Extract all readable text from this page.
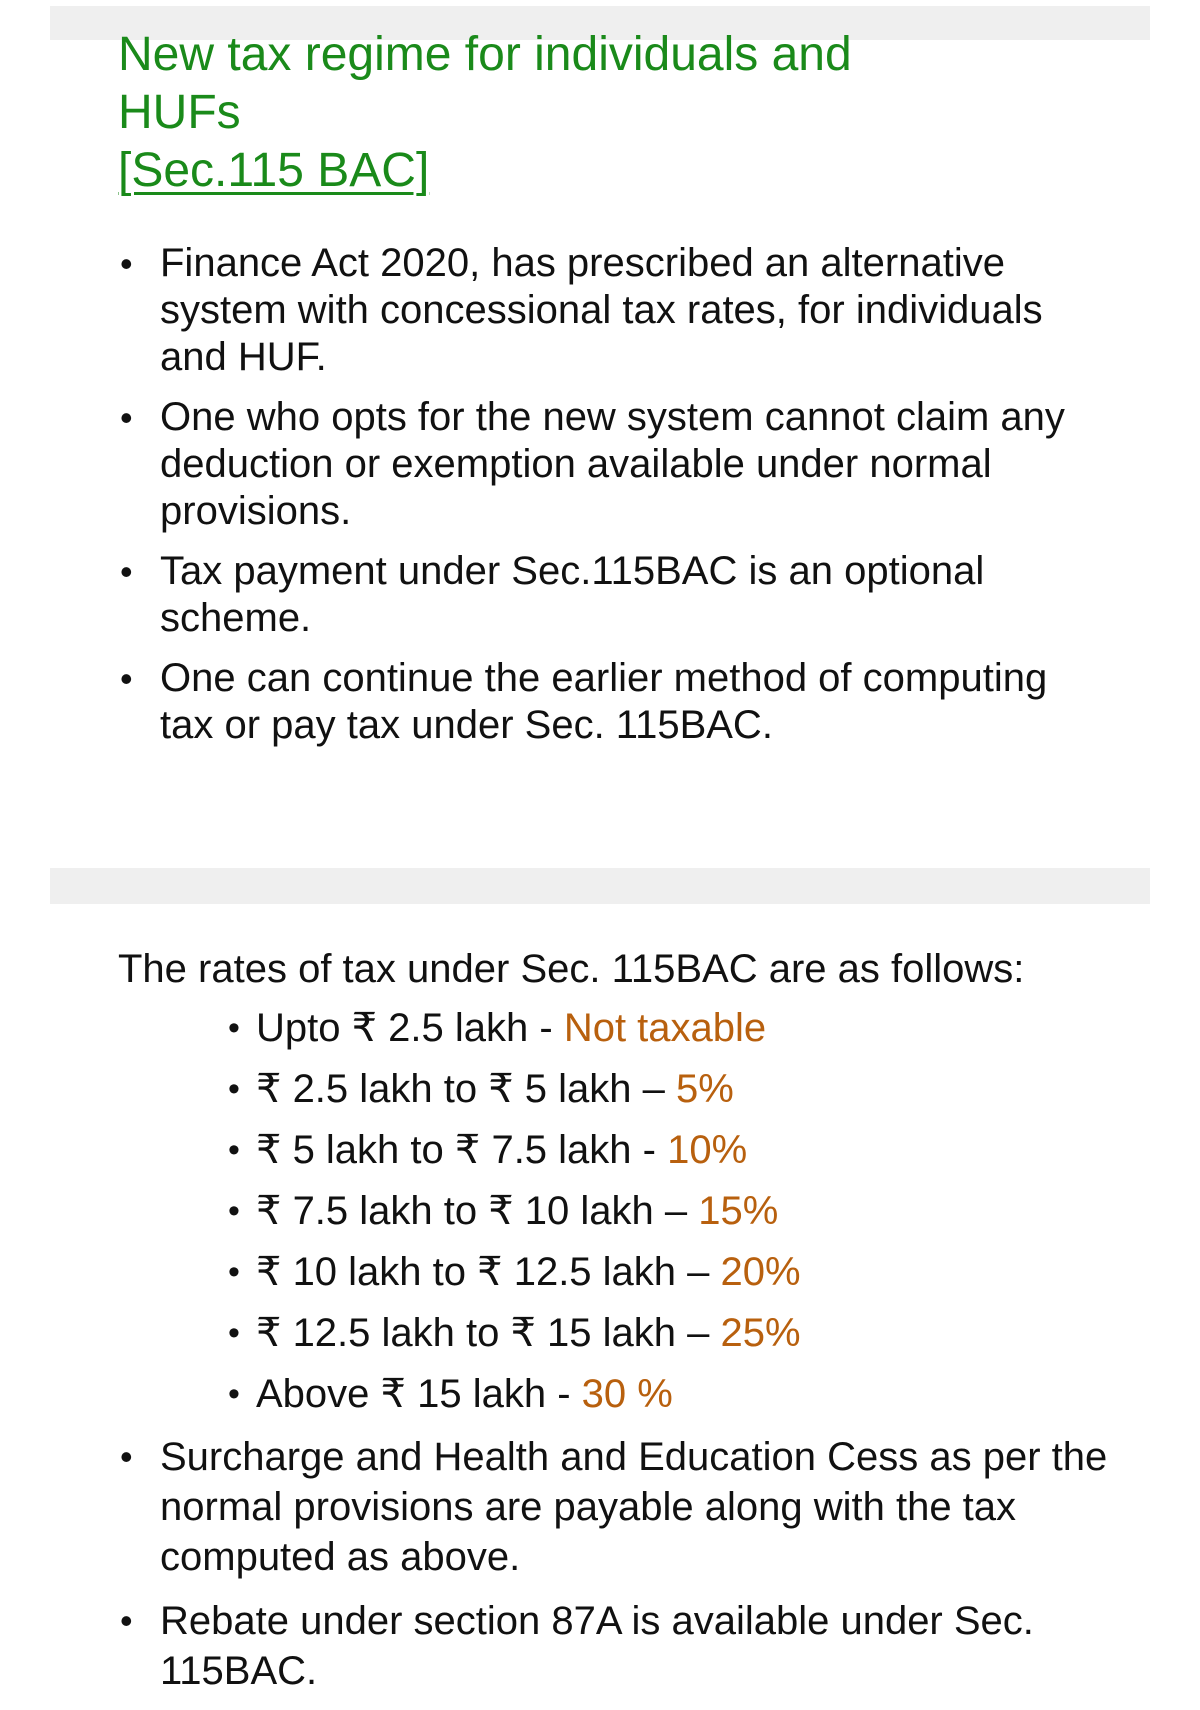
New tax regime for individuals and
HUFs
[Sec.115 BAC]
• Finance Act 2020, has prescribed an alternative system with concessional tax rates, for individuals and HUF.
• One who opts for the new system cannot claim any deduction or exemption available under normal provisions.
• Tax payment under Sec.115BAC is an optional scheme.
• One can continue the earlier method of computing tax or pay tax under Sec. 115BAC.

The rates of tax under Sec. 115BAC are as follows:

• Upto ₹ 2.5 lakh - Not taxable
• ₹ 2.5 lakh to ₹ 5 lakh – 5%
• ₹ 5 lakh to ₹ 7.5 lakh - 10%
• ₹ 7.5 lakh to ₹ 10 lakh – 15%
• ₹ 10 lakh to ₹ 12.5 lakh – 20%
• ₹ 12.5 lakh to ₹ 15 lakh – 25%
• Above ₹ 15 lakh - 30 %
• Surcharge and Health and Education Cess as per the normal provisions are payable along with the tax computed as above.
• Rebate under section 87A is available under Sec. 115BAC.
